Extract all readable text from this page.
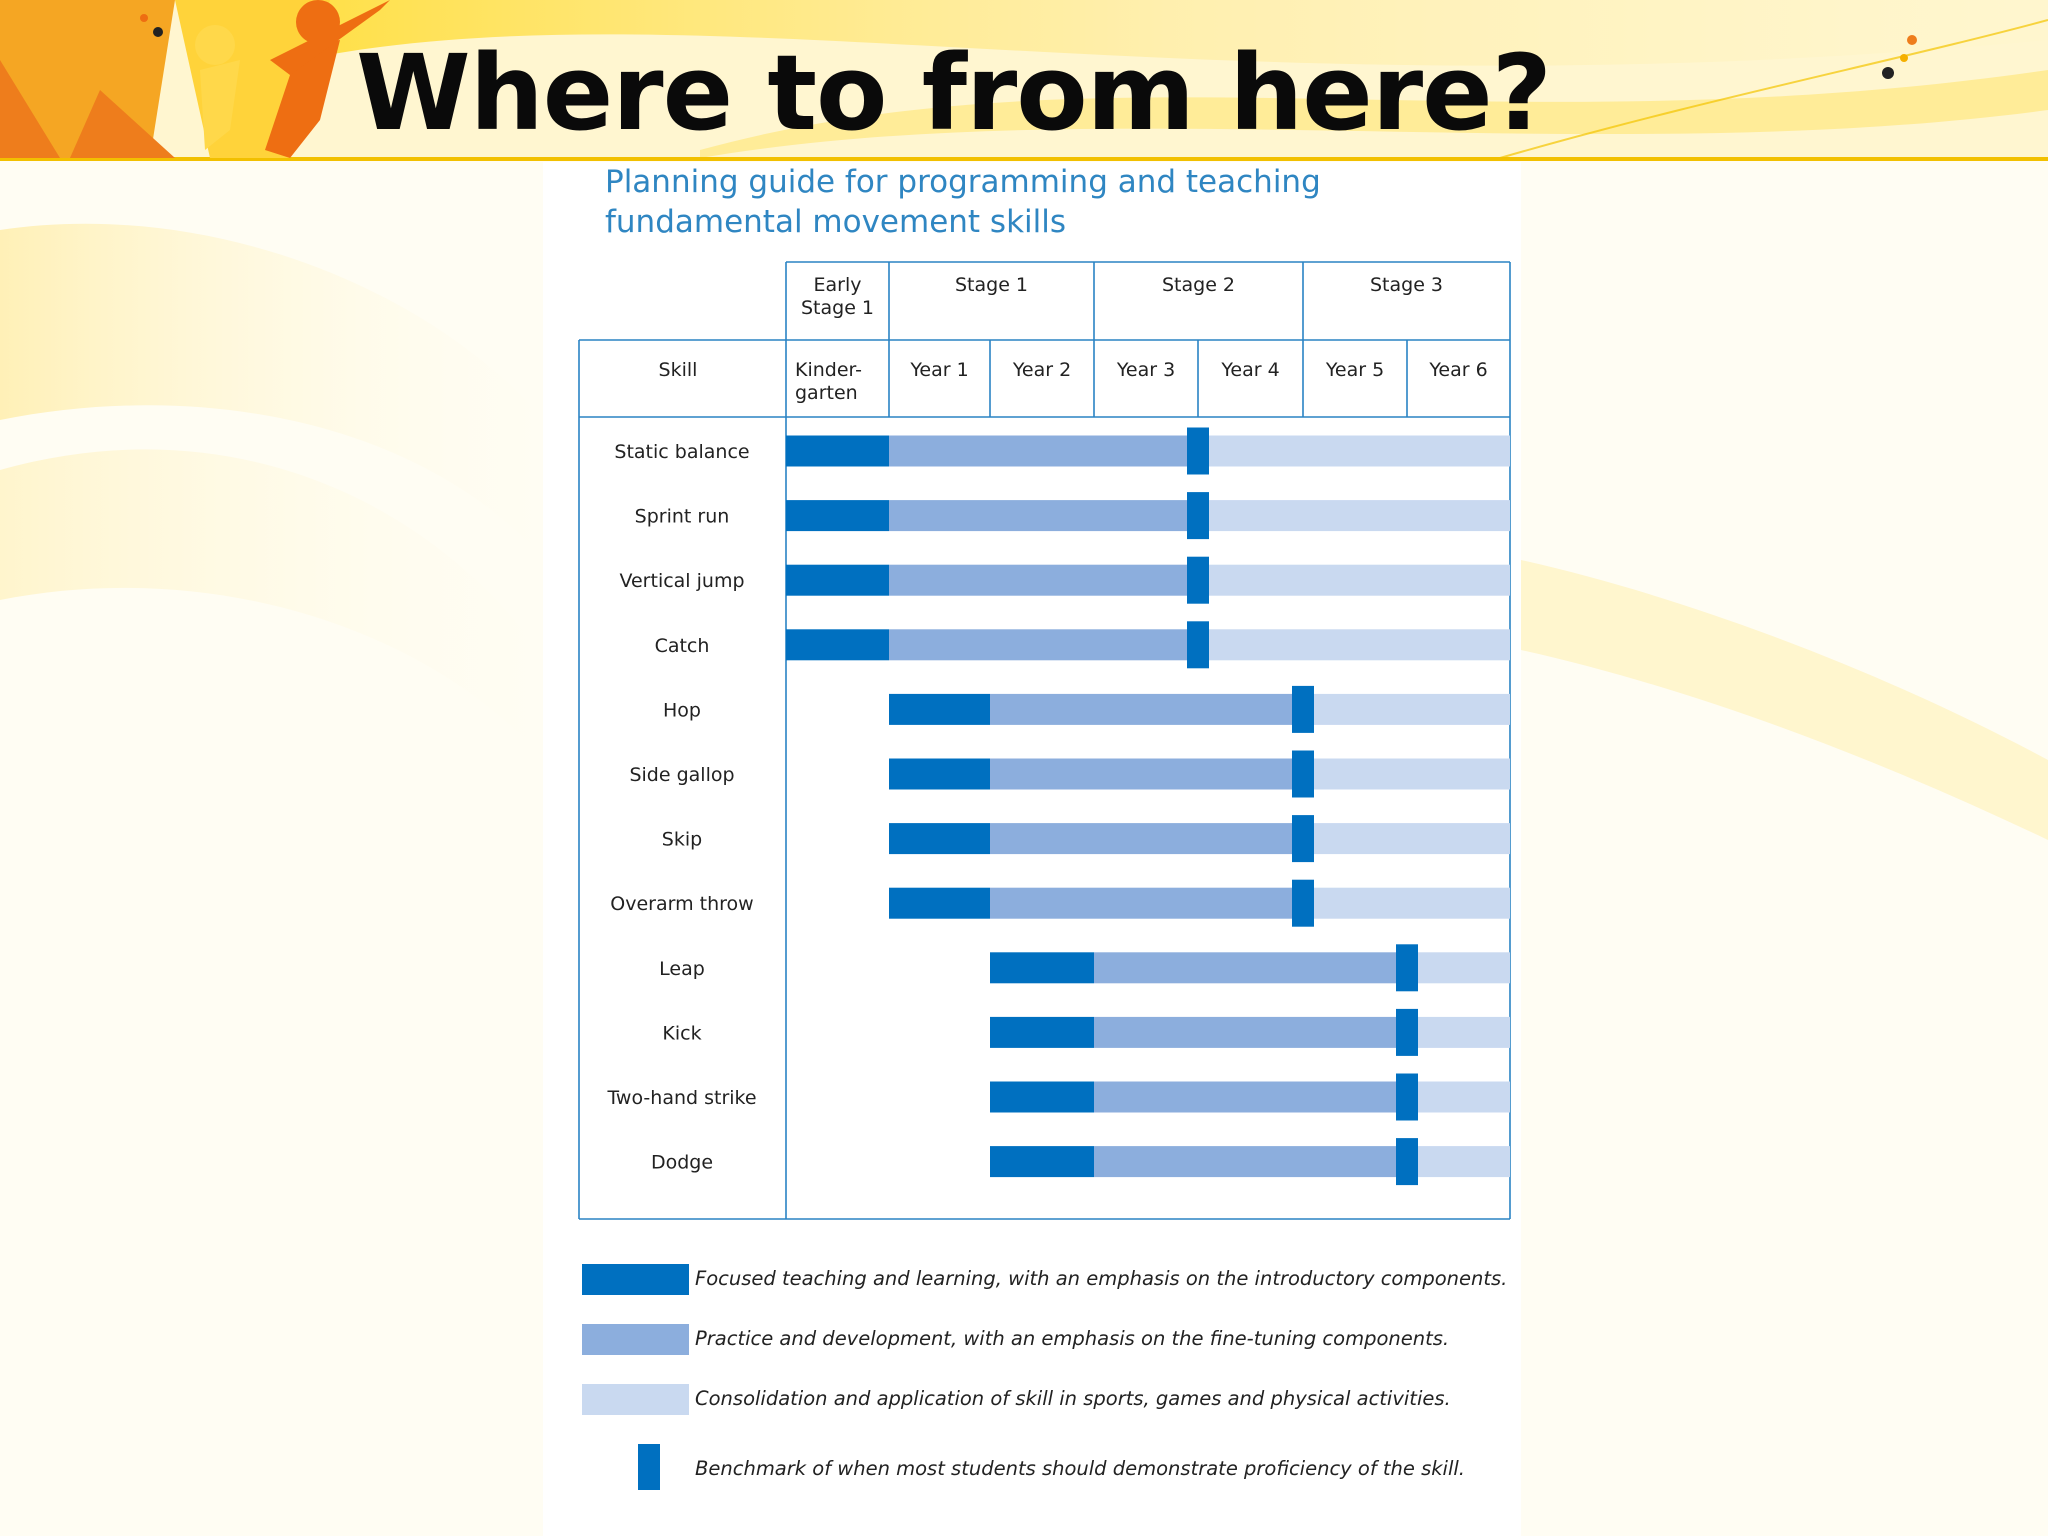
Where to from here?
Planning guide for programming and teaching
fundamental movement skills
Early
Stage 1
Stage 1	Stage 2	Stage 3
Kinder-
garten
Year 1 Year 2 Year 3 Year 4 Year 5 Year 6
Skill
Static balance
Sprint run
Vertical jump
Catch
Hop
Side gallop
Skip
Overarm throw
Leap
Kick
Two-hand strike
Dodge
Focused teaching and learning, with an emphasis on the introductory components.
Practice and development, with an emphasis on the fine-tuning components.
Consolidation and application of skill in sports, games and physical activities.
Benchmark of when most students should demonstrate proficiency of the skill.
